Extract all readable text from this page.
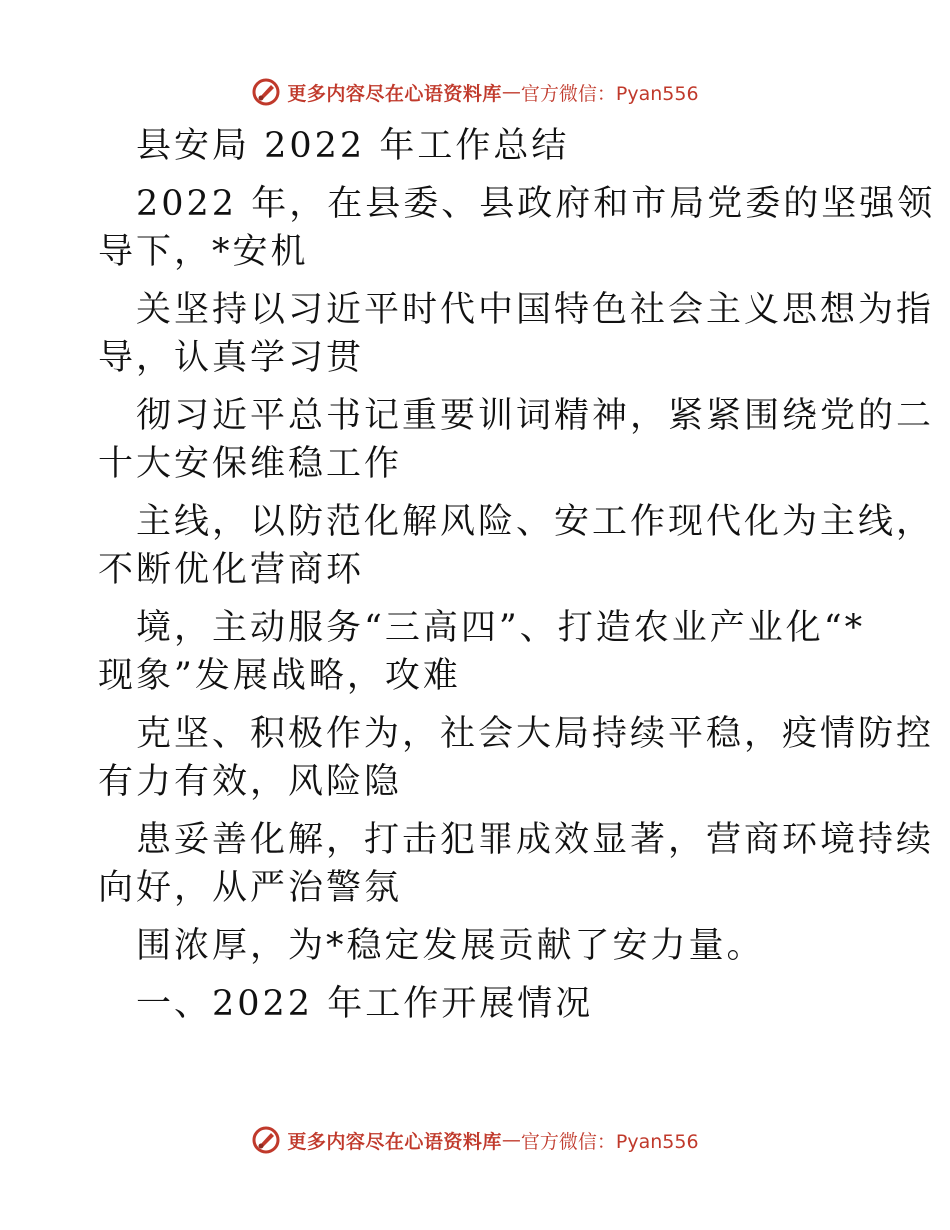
更多内容尽在心语资料库 — 官方微信：Pyan556
县安局 2022 年工作总结
2022 年，在县委、县政府和市局党委的坚强领
导下，*安机
关坚持以习近平时代中国特色社会主义思想为指
导，认真学习贯
彻习近平总书记重要训词精神，紧紧围绕党的二
十大安保维稳工作
主线，以防范化解风险、安工作现代化为主线，
不断优化营商环
境，主动服务“三高四”、打造农业产业化“*
现象”发展战略，攻难
克坚、积极作为，社会大局持续平稳，疫情防控
有力有效，风险隐
患妥善化解，打击犯罪成效显著，营商环境持续
向好，从严治警氛
围浓厚，为*稳定发展贡献了安力量。
一、2022 年工作开展情况
更多内容尽在心语资料库 — 官方微信：Pyan556
